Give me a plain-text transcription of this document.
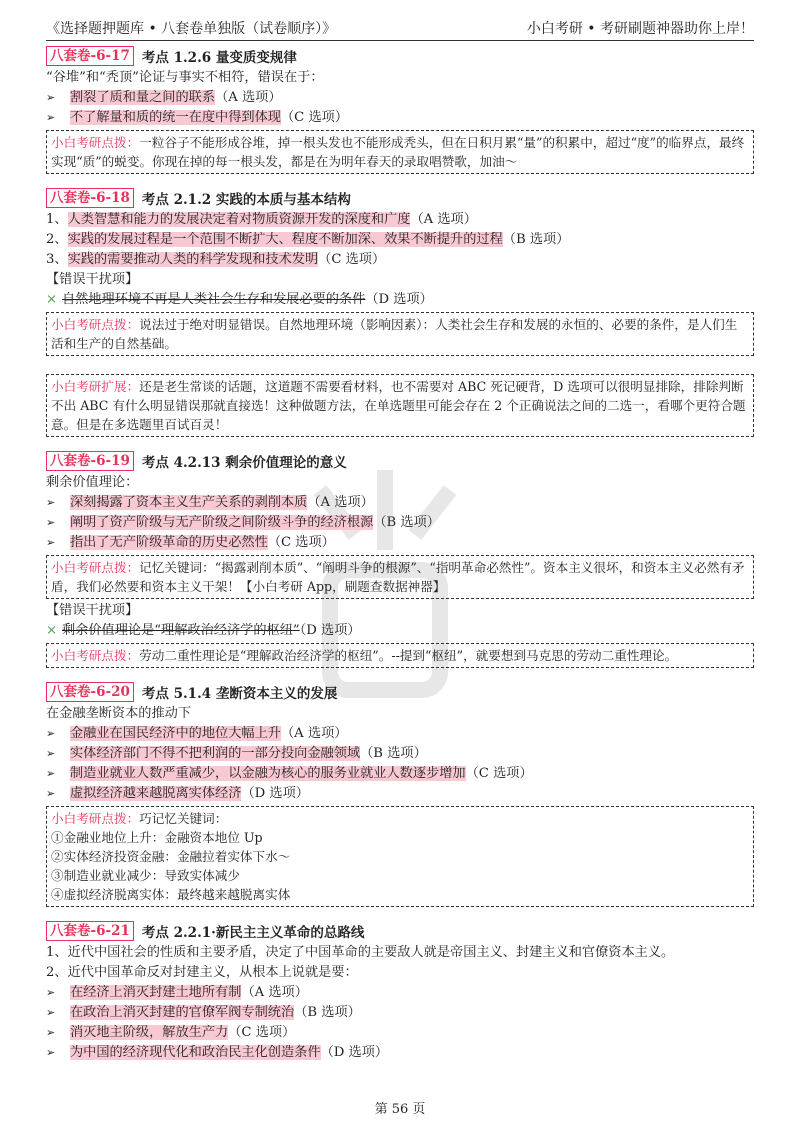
《选择题押题库 • 八套卷单独版（试卷顺序）》	小白考研 • 考研刷题神器助你上岸！
八套卷-6-17 考点 1.2.6 量变质变规律
“谷堆”和“秃顶”论证与事实不相符，错误在于：
➢ 割裂了质和量之间的联系（A 选项）
➢ 不了解量和质的统一在度中得到体现（C 选项）
小白考研点拨：一粒谷子不能形成谷堆，掉一根头发也不能形成秃头，但在日积月累“量”的积累中，超过“度”的临界点，最终实现“质”的蜕变。你现在掉的每一根头发，都是在为明年春天的录取唱赞歌，加油～
八套卷-6-18 考点 2.1.2 实践的本质与基本结构
1、人类智慧和能力的发展决定着对物质资源开发的深度和广度（A 选项）
2、实践的发展过程是一个范围不断扩大、程度不断加深、效果不断提升的过程（B 选项）
3、实践的需要推动人类的科学发现和技术发明（C 选项）
【错误干扰项】
× 自然地理环境不再是人类社会生存和发展必要的条件（D 选项）
小白考研点拨：说法过于绝对明显错误。自然地理环境（影响因素）：人类社会生存和发展的永恒的、必要的条件，是人们生活和生产的自然基础。
小白考研扩展：还是老生常谈的话题，这道题不需要看材料，也不需要对 ABC 死记硬背，D 选项可以很明显排除，排除判断不出 ABC 有什么明显错误那就直接选！这种做题方法，在单选题里可能会存在 2 个正确说法之间的二选一，看哪个更符合题意。但是在多选题里百试百灵！
八套卷-6-19 考点 4.2.13 剩余价值理论的意义
剩余价值理论：
➢ 深刻揭露了资本主义生产关系的剥削本质（A 选项）
➢ 阐明了资产阶级与无产阶级之间阶级斗争的经济根源（B 选项）
➢ 指出了无产阶级革命的历史必然性（C 选项）
小白考研点拨：记忆关键词：“揭露剥削本质”、“阐明斗争的根源”、“指明革命必然性”。资本主义很坏，和资本主义必然有矛盾，我们必然要和资本主义干架！【小白考研 App，刷题查数据神器】
【错误干扰项】
× 剩余价值理论是“理解政治经济学的枢纽”（D 选项）
小白考研点拨：劳动二重性理论是“理解政治经济学的枢纽”。--提到“枢纽”，就要想到马克思的劳动二重性理论。
八套卷-6-20 考点 5.1.4 垄断资本主义的发展
在金融垄断资本的推动下
➢ 金融业在国民经济中的地位大幅上升（A 选项）
➢ 实体经济部门不得不把利润的一部分投向金融领域（B 选项）
➢ 制造业就业人数严重减少，以金融为核心的服务业就业人数逐步增加（C 选项）
➢ 虚拟经济越来越脱离实体经济（D 选项）
小白考研点拨：巧记忆关键词：
①金融业地位上升：金融资本地位 Up
②实体经济投资金融：金融拉着实体下水～
③制造业就业减少：导致实体减少
④虚拟经济脱离实体：最终越来越脱离实体
八套卷-6-21 考点 2.2.1·新民主主义革命的总路线
1、近代中国社会的性质和主要矛盾，决定了中国革命的主要敌人就是帝国主义、封建主义和官僚资本主义。
2、近代中国革命反对封建主义，从根本上说就是要：
➢ 在经济上消灭封建土地所有制（A 选项）
➢ 在政治上消灭封建的官僚军阀专制统治（B 选项）
➢ 消灭地主阶级，解放生产力（C 选项）
➢ 为中国的经济现代化和政治民主化创造条件（D 选项）
第 56 页
